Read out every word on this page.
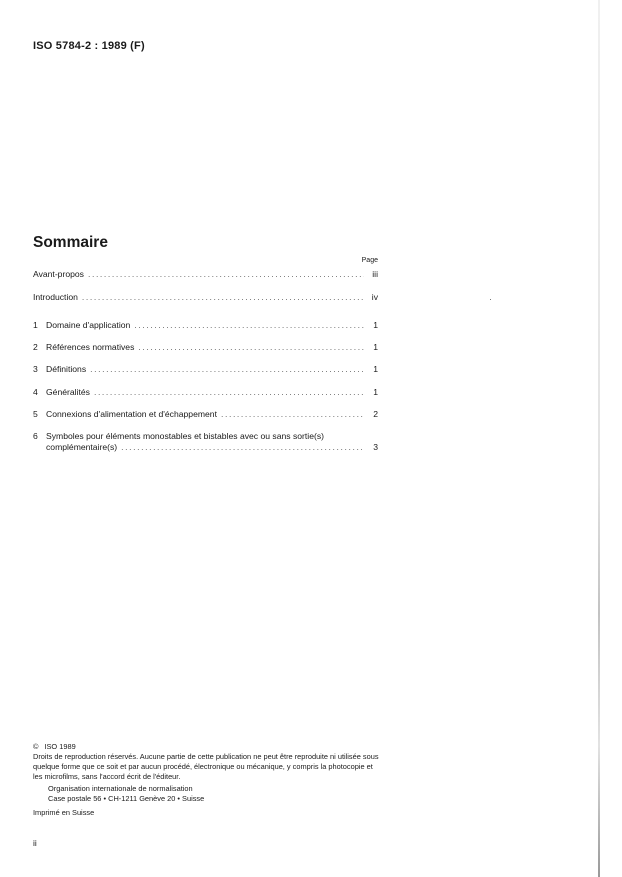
ISO 5784-2 : 1989 (F)
Sommaire
Page
Avant-propos .....	iii
Introduction .....	iv
1 Domaine d'application .....	1
2 Références normatives .....	1
3 Définitions .....	1
4 Généralités .....	1
5 Connexions d'alimentation et d'échappement .....	2
6 Symboles pour éléments monostables et bistables avec ou sans sortie(s)
complémentaire(s) .....	3
© ISO 1989
Droits de reproduction réservés. Aucune partie de cette publication ne peut être reproduite ni utilisée sous quelque forme que ce soit et par aucun procédé, électronique ou mécanique, y compris la photocopie et les microfilms, sans l'accord écrit de l'éditeur.
Organisation internationale de normalisation
Case postale 56 • CH-1211 Genève 20 • Suisse
Imprimé en Suisse
ii
